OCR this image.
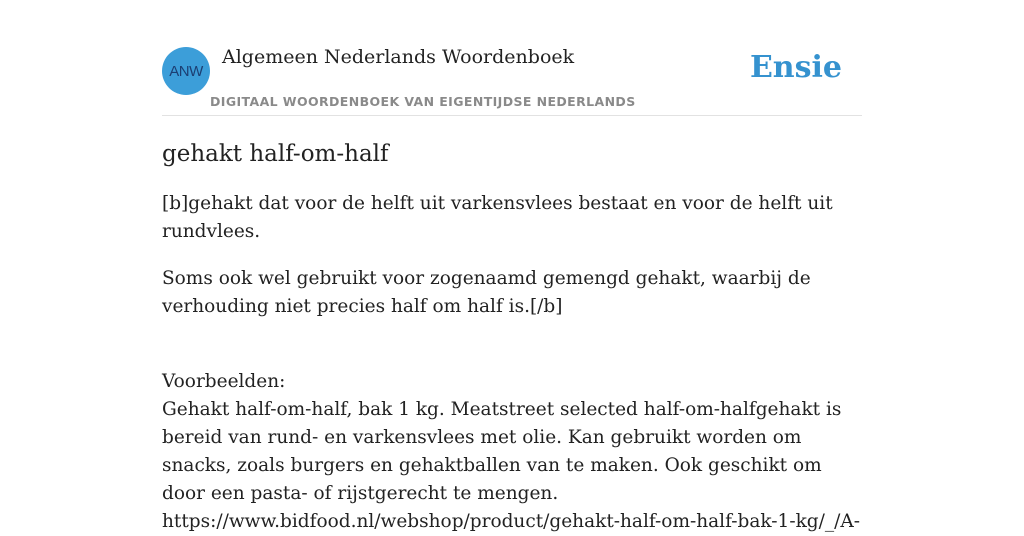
ANW
Algemeen Nederlands Woordenboek
DIGITAAL WOORDENBOEK VAN EIGENTIJDSE NEDERLANDS
Ensie
gehakt half-om-half

[b]gehakt dat voor de helft uit varkensvlees bestaat en voor de helft uit rundvlees.

Soms ook wel gebruikt voor zogenaamd gemengd gehakt, waarbij de verhouding niet precies half om half is.[/b]

Voorbeelden:
Gehakt half-om-half, bak 1 kg. Meatstreet selected half-om-halfgehakt is bereid van rund- en varkensvlees met olie. Kan gebruikt worden om snacks, zoals burgers en gehaktballen van te maken. Ook geschikt om door een pasta- of rijstgerecht te mengen.
https://www.bidfood.nl/webshop/product/gehakt-half-om-half-bak-1-kg/_/A-
